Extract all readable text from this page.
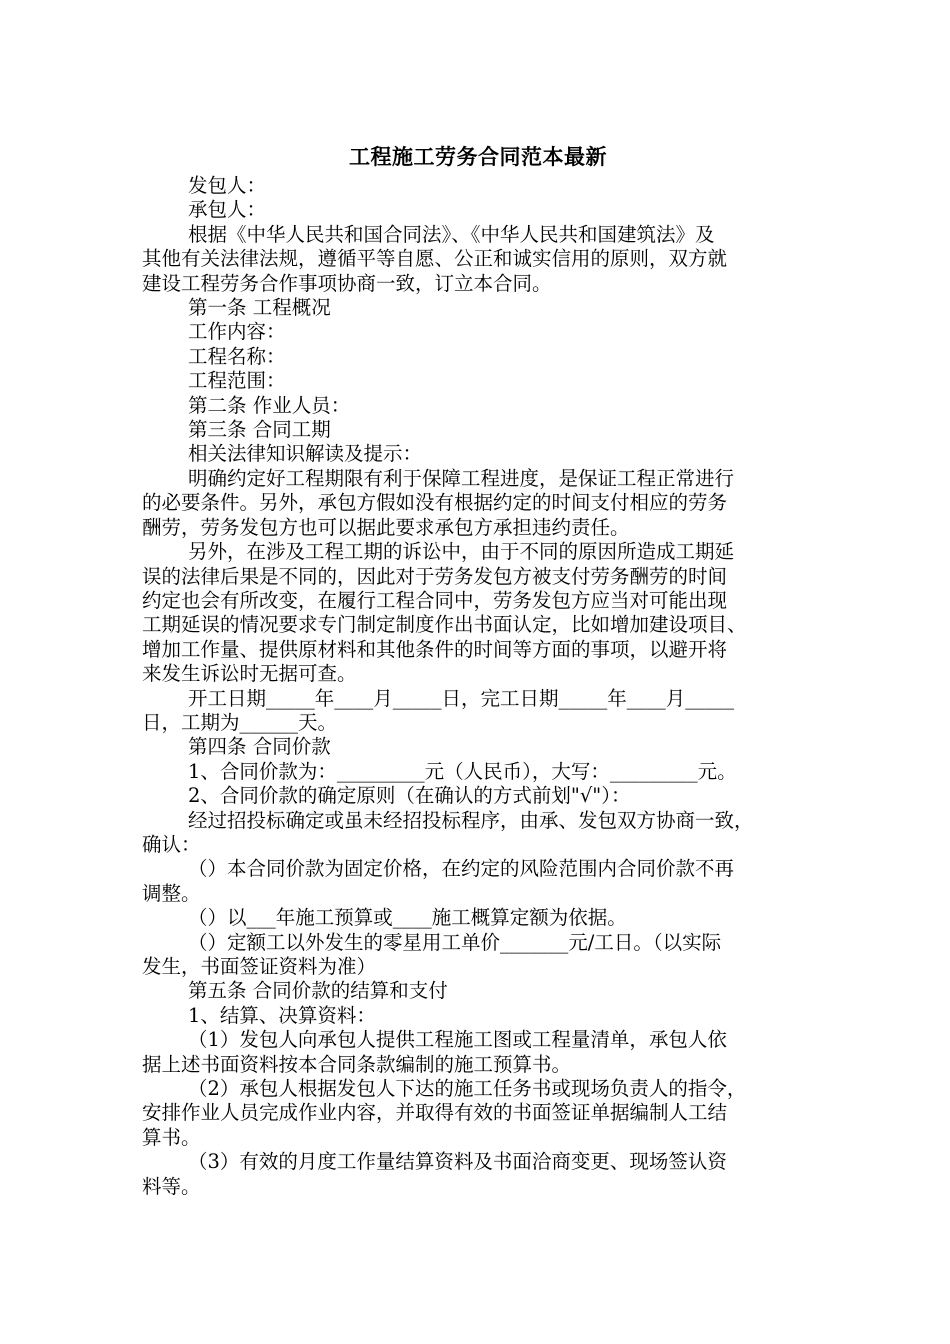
工程施工劳务合同范本最新
发包人：
承包人：
根据《中华人民共和国合同法》、《中华人民共和国建筑法》及
其他有关法律法规，遵循平等自愿、公正和诚实信用的原则，双方就
建设工程劳务合作事项协商一致，订立本合同。
第一条 工程概况
工作内容：
工程名称：
工程范围：
第二条 作业人员：
第三条 合同工期
相关法律知识解读及提示：
明确约定好工程期限有利于保障工程进度，是保证工程正常进行
的必要条件。另外，承包方假如没有根据约定的时间支付相应的劳务
酬劳，劳务发包方也可以据此要求承包方承担违约责任。
另外，在涉及工程工期的诉讼中，由于不同的原因所造成工期延
误的法律后果是不同的，因此对于劳务发包方被支付劳务酬劳的时间
约定也会有所改变，在履行工程合同中，劳务发包方应当对可能出现
工期延误的情况要求专门制定制度作出书面认定，比如增加建设项目、
增加工作量、提供原材料和其他条件的时间等方面的事项，以避开将
来发生诉讼时无据可查。
开工日期_____年____月_____日，完工日期_____年____月_____
日，工期为______天。
第四条 合同价款
1、合同价款为：_________元（人民币），大写：_________元。
2、合同价款的确定原则（在确认的方式前划"√"）：
经过招投标确定或虽未经招投标程序，由承、发包双方协商一致，
确认：
（）本合同价款为固定价格，在约定的风险范围内合同价款不再
调整。
（）以___年施工预算或____施工概算定额为依据。
（）定额工以外发生的零星用工单价_______元/工日。（以实际
发生，书面签证资料为准）
第五条 合同价款的结算和支付
1、结算、决算资料：
（1）发包人向承包人提供工程施工图或工程量清单，承包人依
据上述书面资料按本合同条款编制的施工预算书。
（2）承包人根据发包人下达的施工任务书或现场负责人的指令，
安排作业人员完成作业内容，并取得有效的书面签证单据编制人工结
算书。
（3）有效的月度工作量结算资料及书面洽商变更、现场签认资
料等。
